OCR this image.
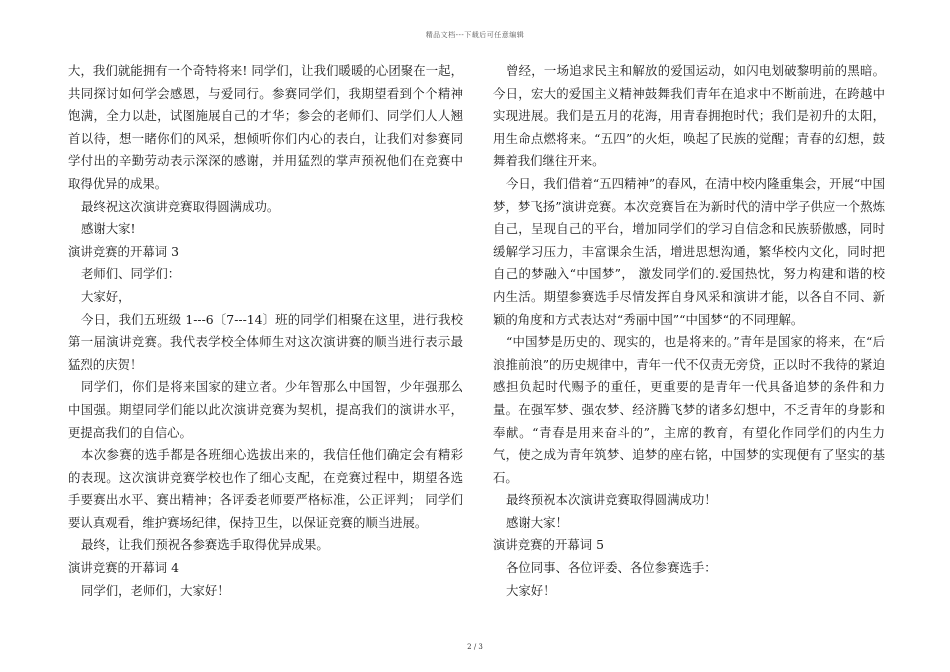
精品文档---下载后可任意编辑

大，我们就能拥有一个奇特将来! 同学们，让我们暖暖的心团聚在一起，共同探讨如何学会感恩，与爱同行。参赛同学们，我期望看到个个精神饱满，全力以赴，试图施展自己的才华；参会的老师们、同学们人人翘首以待，想一睹你们的风采，想倾听你们内心的表白，让我们对参赛同学付出的辛勤劳动表示深深的感谢，并用猛烈的掌声预祝他们在竞赛中取得优异的成果。

最终祝这次演讲竞赛取得圆满成功。

感谢大家!

演讲竞赛的开幕词 3

老师们、同学们：

大家好，

今日，我们五班级 1---6〔7---14〕班的同学们相聚在这里，进行我校第一届演讲竞赛。我代表学校全体师生对这次演讲赛的顺当进行表示最猛烈的庆贺！

同学们，你们是将来国家的建立者。少年智那么中国智，少年强那么中国强。期望同学们能以此次演讲竞赛为契机，提高我们的演讲水平，更提高我们的自信心。

本次参赛的选手都是各班细心选拔出来的，我信任他们确定会有精彩的表现。这次演讲竞赛学校也作了细心支配，在竞赛过程中，期望各选手要赛出水平、赛出精神；各评委老师要严格标准，公正评判； 同学们要认真观看，维护赛场纪律，保持卫生，以保证竞赛的顺当进展。

最终，让我们预祝各参赛选手取得优异成果。

演讲竞赛的开幕词 4

同学们，老师们，大家好！

曾经，一场追求民主和解放的爱国运动，如闪电划破黎明前的黑暗。 今日，宏大的爱国主义精神鼓舞我们青年在追求中不断前进，在跨越中实现进展。我们是五月的花海，用青春拥抱时代；我们是初升的太阳，用生命点燃将来。“五四”的火炬，唤起了民族的觉醒；青春的幻想，鼓舞着我们继往开来。

今日，我们借着“五四精神”的春风，在清中校内隆重集会，开展“中国梦，梦飞扬”演讲竞赛。本次竞赛旨在为新时代的清中学子供应一个熬炼自己，呈现自己的平台，增加同学们的学习自信念和民族骄傲感，同时缓解学习压力，丰富课余生活，增进思想沟通，繁华校内文化，同时把自己的梦融入“中国梦”， 激发同学们的.爱国热忱，努力构建和谐的校内生活。期望参赛选手尽情发挥自身风采和演讲才能，以各自不同、新颖的角度和方式表达对“秀丽中国”“中国梦“的不同理解。

“中国梦是历史的、现实的，也是将来的。”青年是国家的将来，在“后浪推前浪”的历史规律中，青年一代不仅责无旁贷，正以时不我待的紧迫感担负起时代赐予的重任，更重要的是青年一代具备追梦的条件和力量。在强军梦、强农梦、经济腾飞梦的诸多幻想中，不乏青年的身影和奉献。“青春是用来奋斗的”，主席的教育，有望化作同学们的内生力气，使之成为青年筑梦、追梦的座右铭，中国梦的实现便有了坚实的基石。

最终预祝本次演讲竞赛取得圆满成功！

感谢大家！

演讲竞赛的开幕词 5

各位同事、各位评委、各位参赛选手：

大家好！

2 / 3
